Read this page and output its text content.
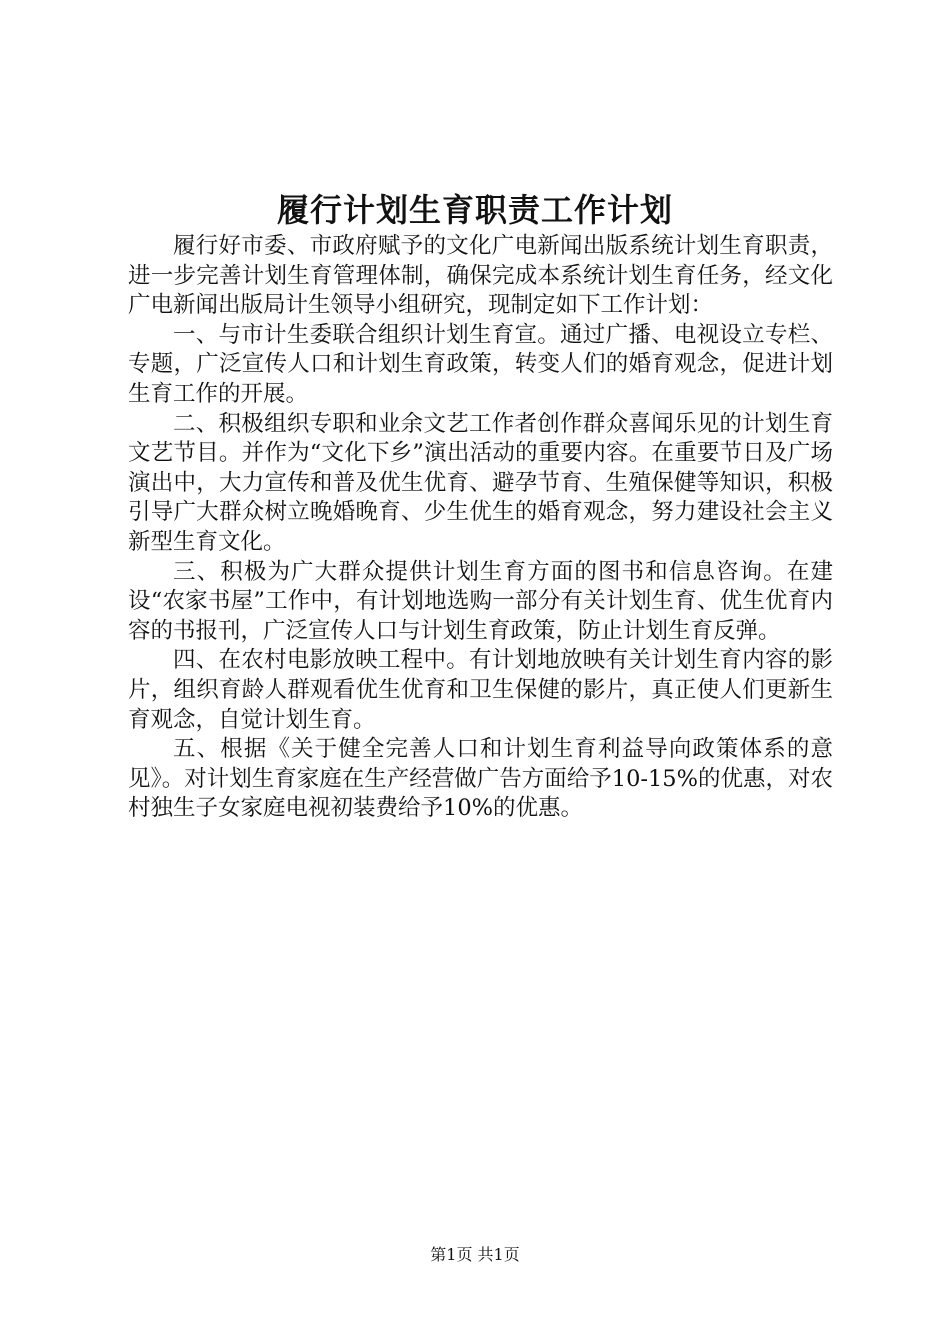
履行计划生育职责工作计划

履行好市委、市政府赋予的文化广电新闻出版系统计划生育职责，进一步完善计划生育管理体制，确保完成本系统计划生育任务，经文化广电新闻出版局计生领导小组研究，现制定如下工作计划：

一、与市计生委联合组织计划生育宣。通过广播、电视设立专栏、专题，广泛宣传人口和计划生育政策，转变人们的婚育观念，促进计划生育工作的开展。

二、积极组织专职和业余文艺工作者创作群众喜闻乐见的计划生育文艺节目。并作为“文化下乡”演出活动的重要内容。在重要节日及广场演出中，大力宣传和普及优生优育、避孕节育、生殖保健等知识，积极引导广大群众树立晚婚晚育、少生优生的婚育观念，努力建设社会主义新型生育文化。

三、积极为广大群众提供计划生育方面的图书和信息咨询。在建设“农家书屋”工作中，有计划地选购一部分有关计划生育、优生优育内容的书报刊，广泛宣传人口与计划生育政策，防止计划生育反弹。

四、在农村电影放映工程中。有计划地放映有关计划生育内容的影片，组织育龄人群观看优生优育和卫生保健的影片，真正使人们更新生育观念，自觉计划生育。

五、根据《关于健全完善人口和计划生育利益导向政策体系的意见》。对计划生育家庭在生产经营做广告方面给予10-15%的优惠，对农村独生子女家庭电视初装费给予10%的优惠。

第1页 共1页
